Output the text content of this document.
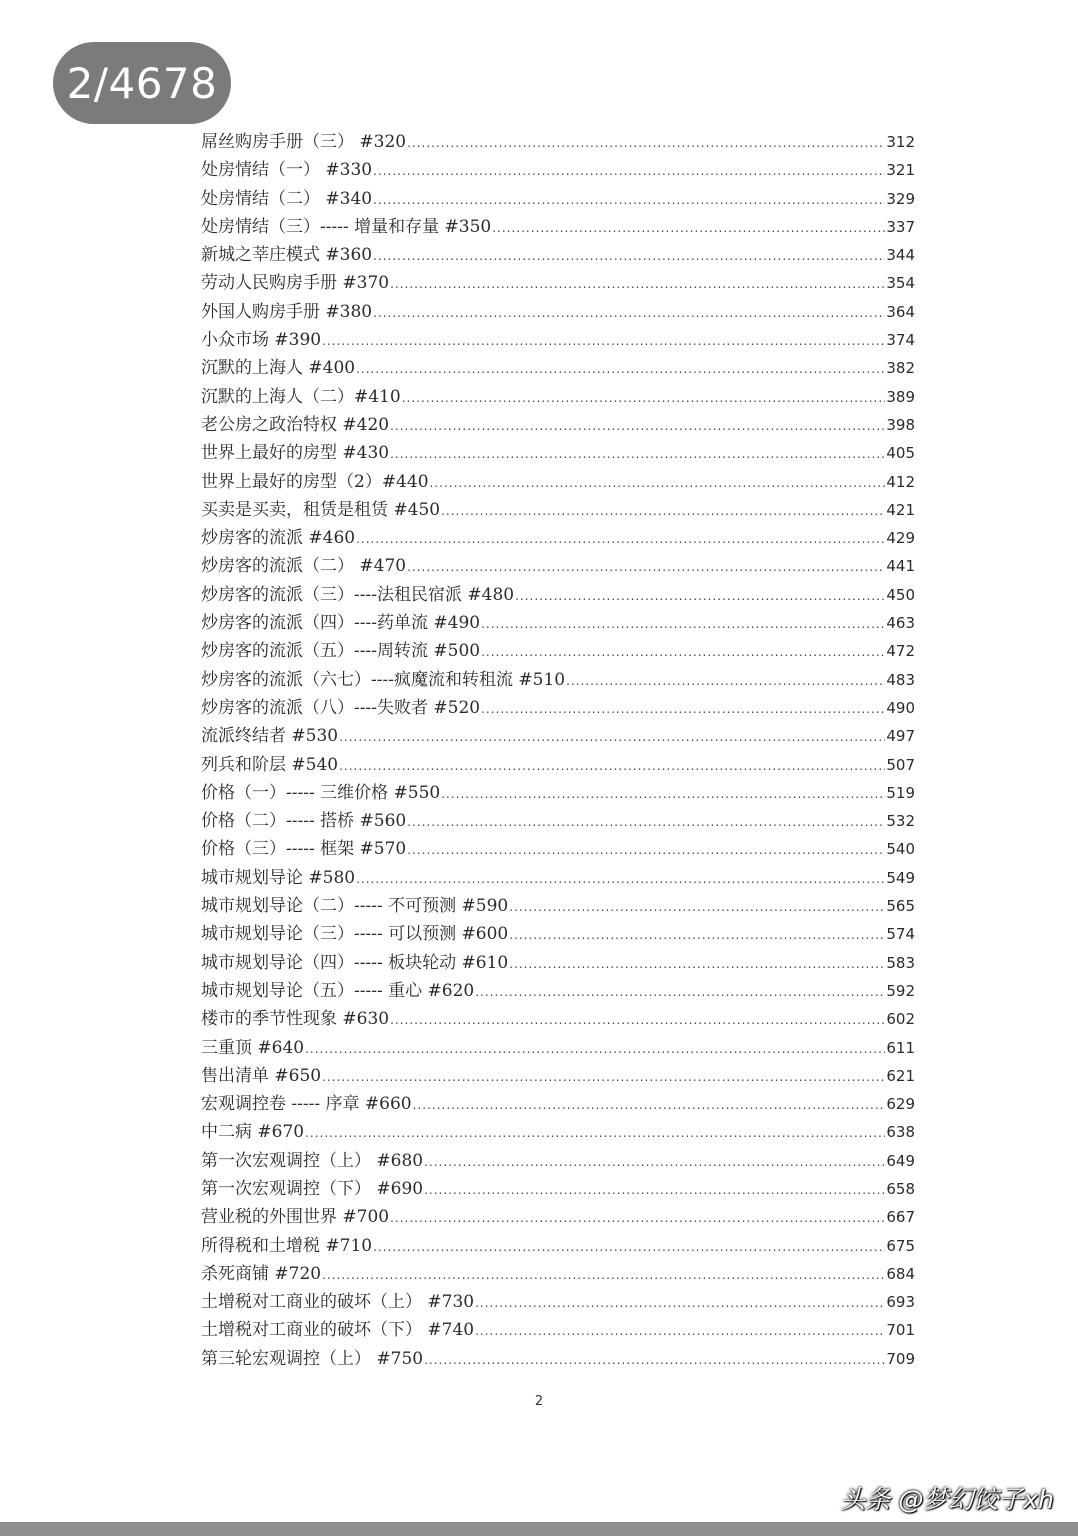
2/4678
屌丝购房手册（三） #320 .....	312
处房情结（一） #330 .....	321
处房情结（二） #340 .....	329
处房情结（三）----- 增量和存量 #350 .....	337
新城之莘庄模式 #360 .....	344
劳动人民购房手册 #370 .....	354
外国人购房手册 #380 .....	364
小众市场 #390 .....	374
沉默的上海人 #400 .....	382
沉默的上海人（二）#410 .....	389
老公房之政治特权 #420 .....	398
世界上最好的房型 #430 .....	405
世界上最好的房型（2）#440 .....	412
买卖是买卖，租赁是租赁 #450 .....	421
炒房客的流派 #460 .....	429
炒房客的流派（二） #470 .....	441
炒房客的流派（三）----法租民宿派 #480 .....	450
炒房客的流派（四）----药单流 #490 .....	463
炒房客的流派（五）----周转流 #500 .....	472
炒房客的流派（六七）----疯魔流和转租流 #510 .....	483
炒房客的流派（八）----失败者 #520 .....	490
流派终结者 #530 .....	497
列兵和阶层 #540 .....	507
价格（一）----- 三维价格 #550 .....	519
价格（二）----- 搭桥 #560 .....	532
价格（三）----- 框架 #570 .....	540
城市规划导论 #580 .....	549
城市规划导论（二）----- 不可预测 #590 .....	565
城市规划导论（三）----- 可以预测 #600 .....	574
城市规划导论（四）----- 板块轮动 #610 .....	583
城市规划导论（五）----- 重心 #620 .....	592
楼市的季节性现象 #630 .....	602
三重顶 #640 .....	611
售出清单 #650 .....	621
宏观调控卷 ----- 序章 #660 .....	629
中二病 #670 .....	638
第一次宏观调控（上） #680 .....	649
第一次宏观调控（下） #690 .....	658
营业税的外围世界 #700 .....	667
所得税和土增税 #710 .....	675
杀死商铺 #720 .....	684
土增税对工商业的破坏（上） #730 .....	693
土增税对工商业的破坏（下） #740 .....	701
第三轮宏观调控（上） #750 .....	709
2
头条 @梦幻饺子xh
